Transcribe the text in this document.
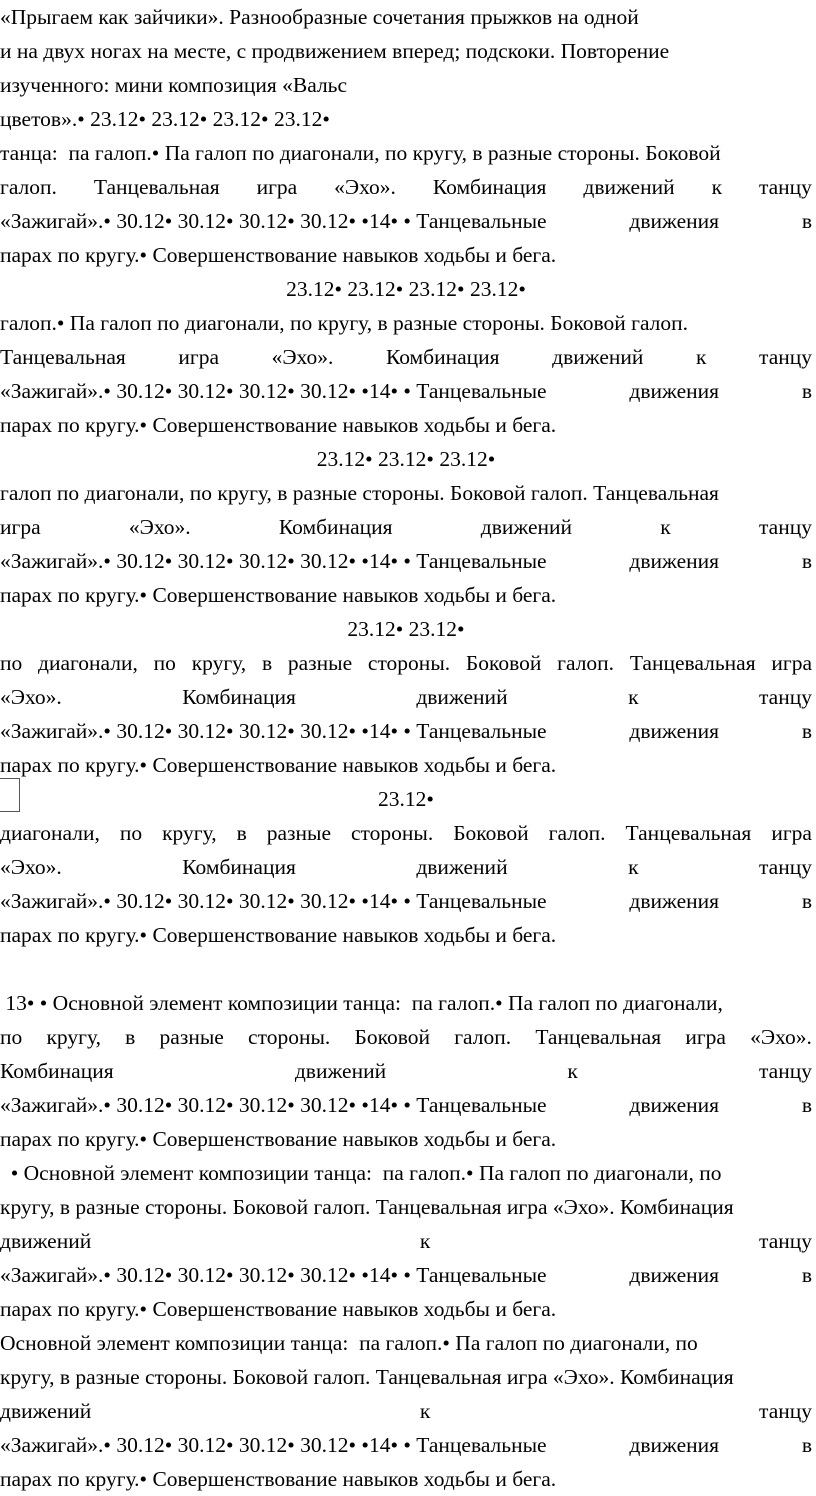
«Прыгаем как зайчики». Разнообразные сочетания прыжков на одной
и на двух ногах на месте, с продвижением вперед; подскоки. Повторение
изученного: мини композиция «Вальс
цветов».• 23.12• 23.12• 23.12• 23.12•
танца:  па галоп.• Па галоп по диагонали, по кругу, в разные стороны. Боковой
галоп. Танцевальная игра «Эхо». Комбинация движений к танцу
«Зажигай».• 30.12• 30.12• 30.12• 30.12• •14• • Танцевальные	движения	в
парах по кругу.• Совершенствование навыков ходьбы и бега.
23.12• 23.12• 23.12• 23.12•
галоп.• Па галоп по диагонали, по кругу, в разные стороны. Боковой галоп.
Танцевальная игра «Эхо». Комбинация движений к танцу
«Зажигай».• 30.12• 30.12• 30.12• 30.12• •14• • Танцевальные	движения	в
парах по кругу.• Совершенствование навыков ходьбы и бега.
23.12• 23.12• 23.12•
галоп по диагонали, по кругу, в разные стороны. Боковой галоп. Танцевальная
игра	«Эхо».	Комбинация	движений	к	танцу
«Зажигай».• 30.12• 30.12• 30.12• 30.12• •14• • Танцевальные	движения	в
парах по кругу.• Совершенствование навыков ходьбы и бега.
23.12• 23.12•
по диагонали, по кругу, в разные стороны. Боковой галоп. Танцевальная игра
«Эхо».	Комбинация	движений	к	танцу
«Зажигай».• 30.12• 30.12• 30.12• 30.12• •14• • Танцевальные	движения	в
парах по кругу.• Совершенствование навыков ходьбы и бега.
23.12•
диагонали, по кругу, в разные стороны. Боковой галоп. Танцевальная игра
«Эхо».	Комбинация	движений	к	танцу
«Зажигай».• 30.12• 30.12• 30.12• 30.12• •14• • Танцевальные	движения	в
парах по кругу.• Совершенствование навыков ходьбы и бега.
13• • Основной элемент композиции танца:  па галоп.• Па галоп по диагонали,
по кругу, в разные стороны. Боковой галоп. Танцевальная игра «Эхо».
Комбинация	движений	к	танцу
«Зажигай».• 30.12• 30.12• 30.12• 30.12• •14• • Танцевальные	движения	в
парах по кругу.• Совершенствование навыков ходьбы и бега.
• Основной элемент композиции танца:  па галоп.• Па галоп по диагонали, по
кругу, в разные стороны. Боковой галоп. Танцевальная игра «Эхо». Комбинация
движений	к	танцу
«Зажигай».• 30.12• 30.12• 30.12• 30.12• •14• • Танцевальные	движения	в
парах по кругу.• Совершенствование навыков ходьбы и бега.
Основной элемент композиции танца:  па галоп.• Па галоп по диагонали, по
кругу, в разные стороны. Боковой галоп. Танцевальная игра «Эхо». Комбинация
движений	к	танцу
«Зажигай».• 30.12• 30.12• 30.12• 30.12• •14• • Танцевальные	движения	в
парах по кругу.• Совершенствование навыков ходьбы и бега.
